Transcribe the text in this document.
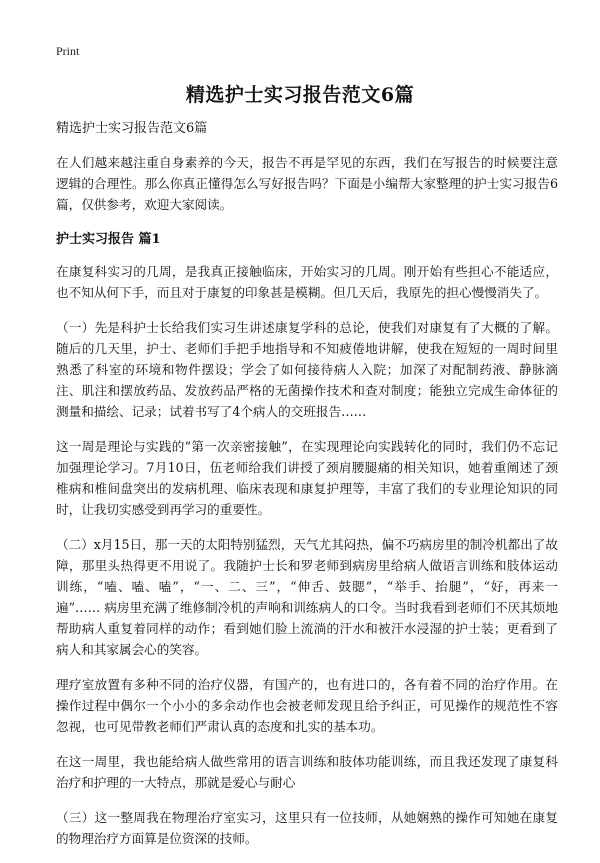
Print
精选护士实习报告范文6篇
精选护士实习报告范文6篇

在人们越来越注重自身素养的今天，报告不再是罕见的东西，我们在写报告的时候要注意逻辑的合理性。那么你真正懂得怎么写好报告吗？下面是小编帮大家整理的护士实习报告6篇，仅供参考，欢迎大家阅读。

护士实习报告 篇1

在康复科实习的几周，是我真正接触临床，开始实习的几周。刚开始有些担心不能适应，也不知从何下手，而且对于康复的印象甚是模糊。但几天后，我原先的担心慢慢消失了。

（一）先是科护士长给我们实习生讲述康复学科的总论，使我们对康复有了大概的了解。随后的几天里，护士、老师们手把手地指导和不知疲倦地讲解，使我在短短的一周时间里熟悉了科室的环境和物件摆设；学会了如何接待病人入院；加深了对配制药液、静脉滴注、肌注和摆放药品、发放药品严格的无菌操作技术和查对制度；能独立完成生命体征的测量和描绘、记录；试着书写了4个病人的交班报告……

这一周是理论与实践的“第一次亲密接触”，在实现理论向实践转化的同时，我们仍不忘记加强理论学习。7月10日，伍老师给我们讲授了颈肩腰腿痛的相关知识，她着重阐述了颈椎病和椎间盘突出的发病机理、临床表现和康复护理等，丰富了我们的专业理论知识的同时，让我切实感受到再学习的重要性。

（二）x月15日，那一天的太阳特别猛烈，天气尤其闷热，偏不巧病房里的制冷机都出了故障，那里头热得更不用说了。我随护士长和罗老师到病房里给病人做语言训练和肢体运动训练，“嗑、嗑、嗑”，“一、二、三”，“伸舌、鼓腮”，“举手、抬腿”，“好，再来一遍”…… 病房里充满了维修制冷机的声响和训练病人的口令。当时我看到老师们不厌其烦地帮助病人重复着同样的动作；看到她们脸上流淌的汗水和被汗水浸湿的护士装；更看到了病人和其家属会心的笑容。

理疗室放置有多种不同的治疗仪器，有国产的，也有进口的，各有着不同的治疗作用。在操作过程中偶尔一个小小的多余动作也会被老师发现且给予纠正，可见操作的规范性不容忽视，也可见带教老师们严肃认真的态度和扎实的基本功。

在这一周里，我也能给病人做些常用的语言训练和肢体功能训练，而且我还发现了康复科治疗和护理的一大特点，那就是爱心与耐心

（三）这一整周我在物理治疗室实习，这里只有一位技师，从她娴熟的操作可知她在康复的物理治疗方面算是位资深的技师。
